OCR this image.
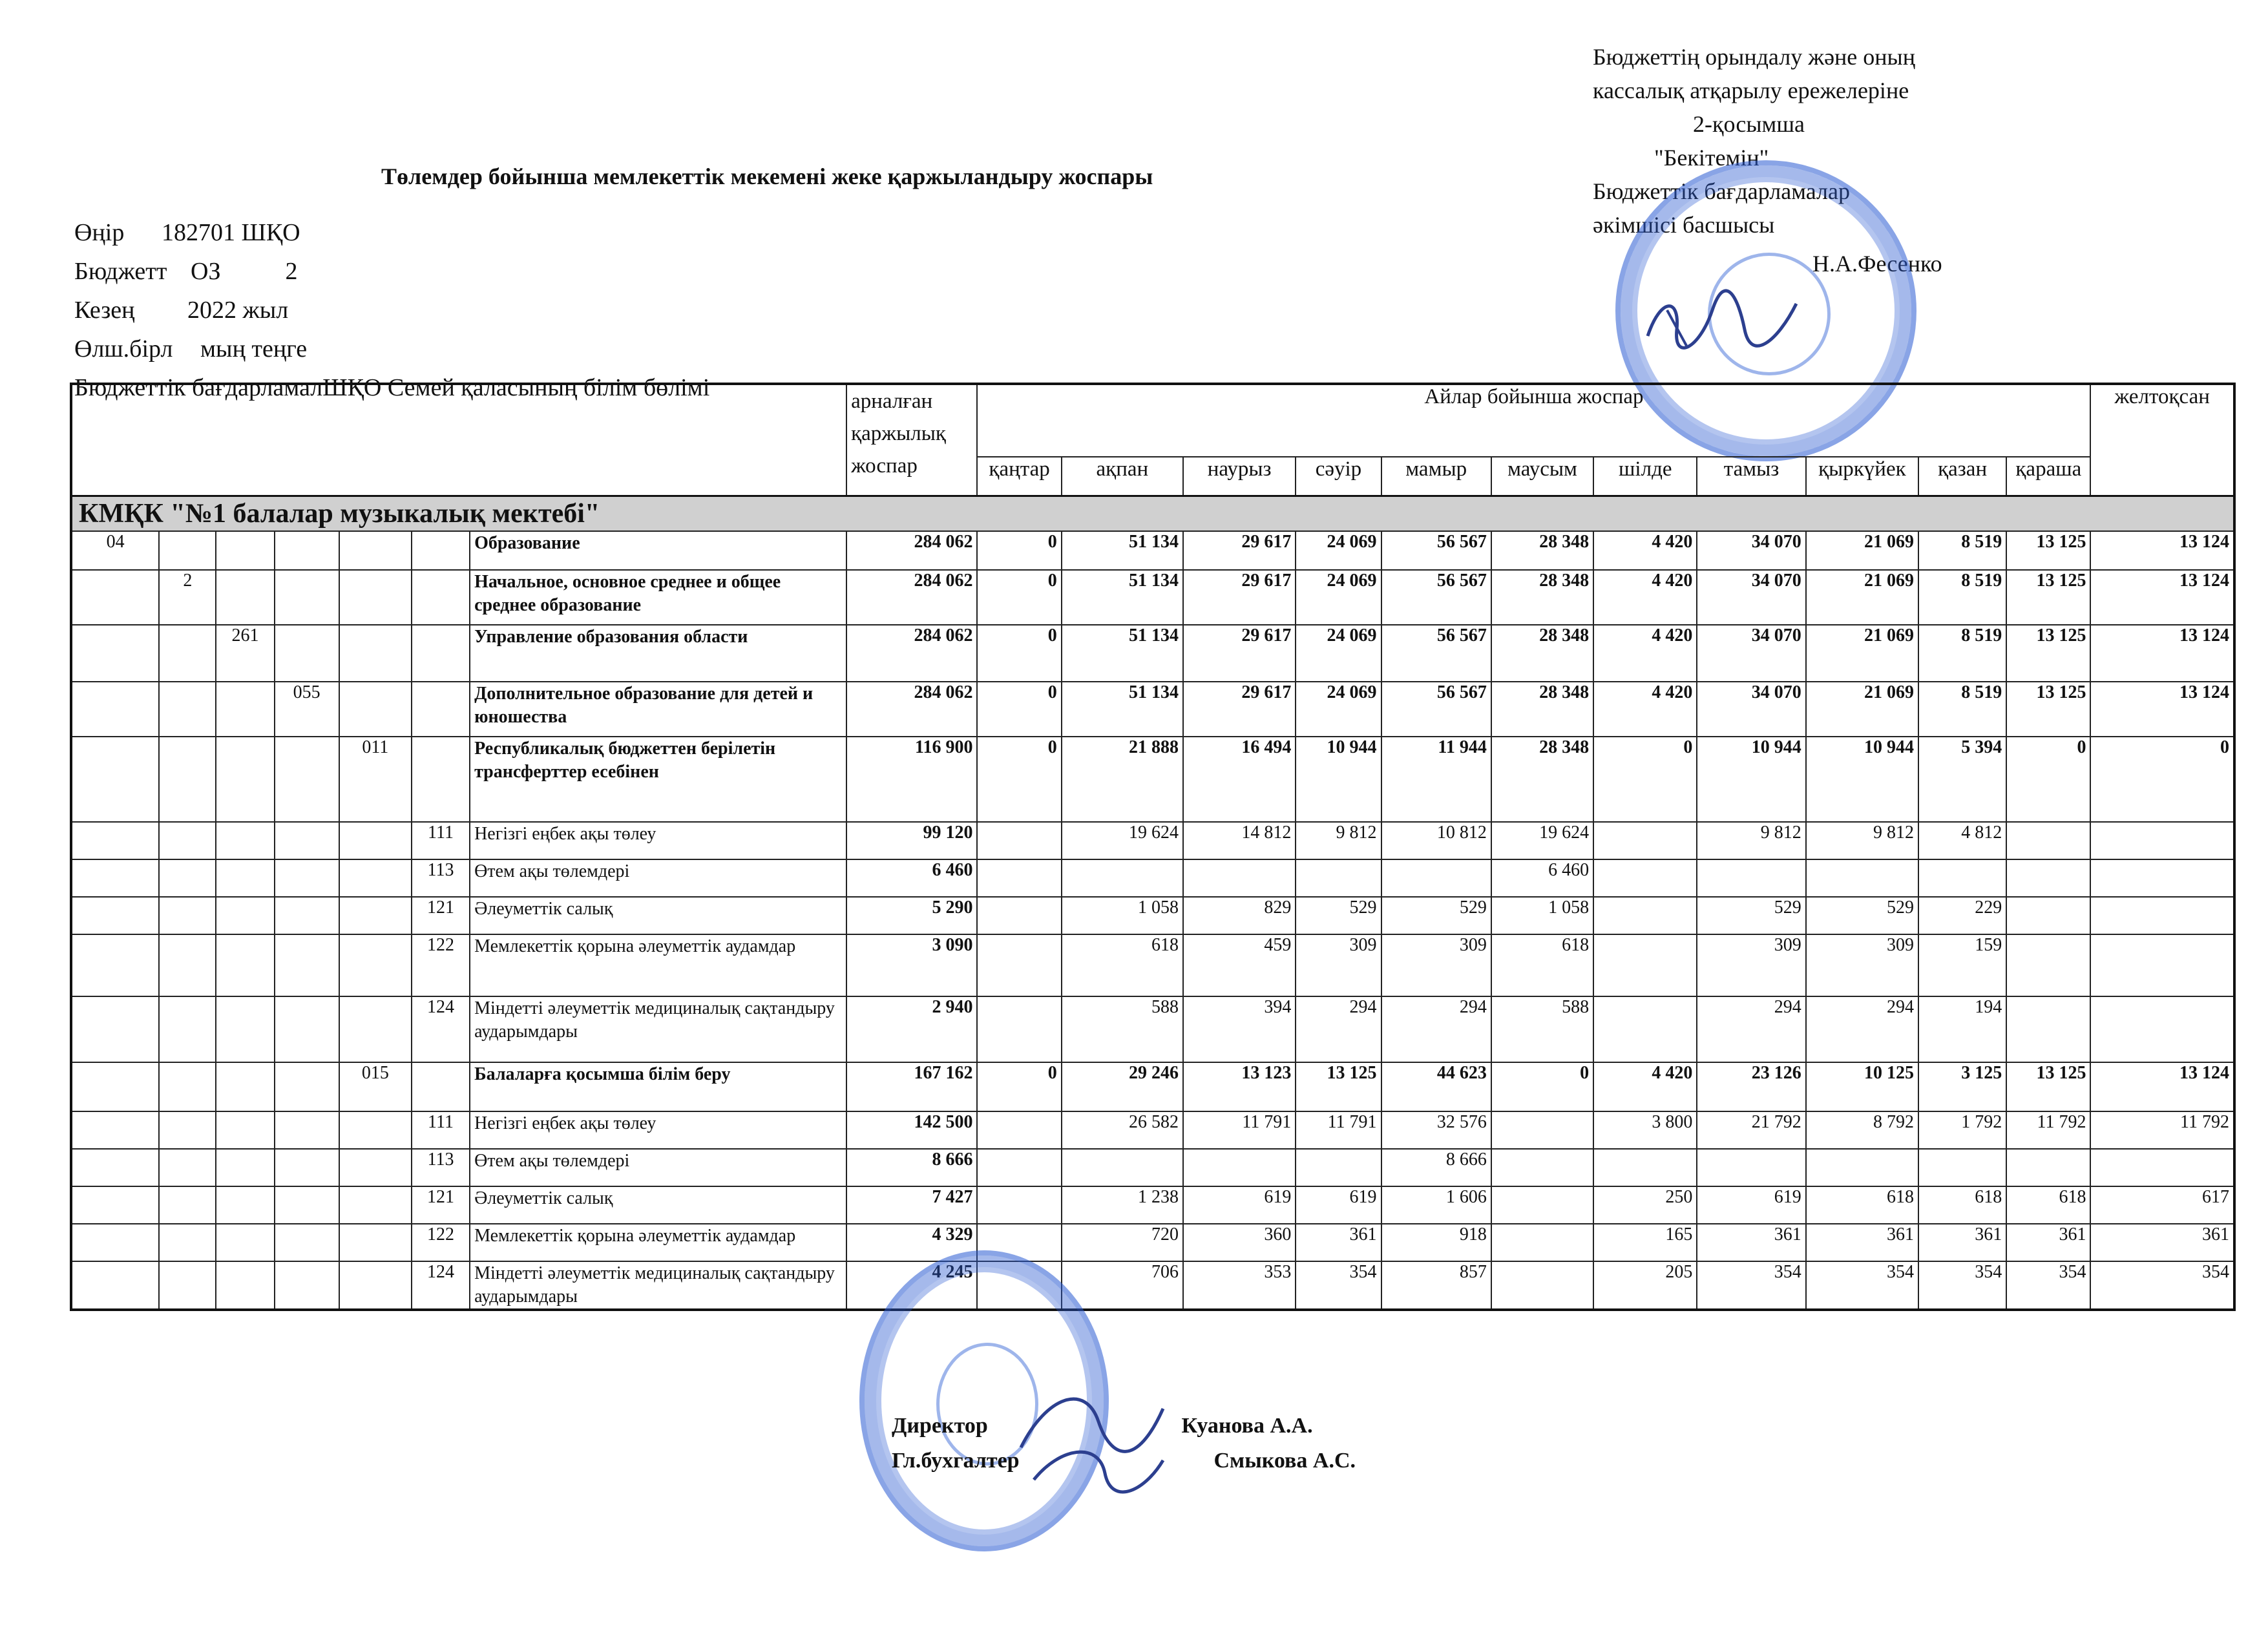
Бюджеттің орындалу және оның
кассалық атқарылу ережелеріне
2-қосымша
"Бекітемін"
Бюджеттік бағдарламалар
әкімшісі басшысы
Н.А.Фесенко
Төлемдер бойынша мемлекеттік мекемені жеке қаржыландыру жоспары
Өңір	182701 ШҚО
Бюджетт ОЗ	2
Кезең	2022 жыл
Өлш.бірл	мың теңге
Бюджеттік бағдарламал ШҚО Семей қаласының білім бөлімі
							арналған қаржылық жоспар	Айлар бойынша жоспар											желтоқсан
								қаңтар	ақпан	наурыз	сәуір	мамыр	маусым	шілде	тамыз	қыркүйек	қазан	қараша	
КМҚК "№1 балалар музыкалық мектебі"																			
04						Образование	284 062	0	51 134	29 617	24 069	56 567	28 348	4 420	34 070	21 069	8 519	13 125	13 124
	2					Начальное, основное среднее и общее среднее образование	284 062	0	51 134	29 617	24 069	56 567	28 348	4 420	34 070	21 069	8 519	13 125	13 124
		261				Управление образования области	284 062	0	51 134	29 617	24 069	56 567	28 348	4 420	34 070	21 069	8 519	13 125	13 124
			055			Дополнительное образование для детей и юношества	284 062	0	51 134	29 617	24 069	56 567	28 348	4 420	34 070	21 069	8 519	13 125	13 124
				011		Республикалық бюджеттен берілетін трансферттер есебінен	116 900	0	21 888	16 494	10 944	11 944	28 348	0	10 944	10 944	5 394	0	0
					111	Негізгі еңбек ақы төлеу	99 120		19 624	14 812	9 812	10 812	19 624		9 812	9 812	4 812		
					113	Өтем ақы төлемдері	6 460						6 460						
					121	Әлеуметтік салық	5 290		1 058	829	529	529	1 058		529	529	229		
					122	Мемлекеттік қорына әлеуметтік аудамдар	3 090		618	459	309	309	618		309	309	159		
					124	Міндетті әлеуметтік медициналық сақтандыру аударымдары	2 940		588	394	294	294	588		294	294	194		
				015		Балаларға қосымша білім беру	167 162	0	29 246	13 123	13 125	44 623	0	4 420	23 126	10 125	3 125	13 125	13 124
					111	Негізгі еңбек ақы төлеу	142 500		26 582	11 791	11 791	32 576		3 800	21 792	8 792	1 792	11 792	11 792
					113	Өтем ақы төлемдері	8 666					8 666							
					121	Әлеуметтік салық	7 427		1 238	619	619	1 606		250	619	618	618	618	617
					122	Мемлекеттік қорына әлеуметтік аудамдар	4 329		720	360	361	918		165	361	361	361	361	361
					124	Міндетті әлеуметтік медициналық сақтандыру аударымдары	4 245		706	353	354	857		205	354	354	354	354	354
Директор	Куанова А.А.
Гл.бухгалтер	Смыкова А.С.
